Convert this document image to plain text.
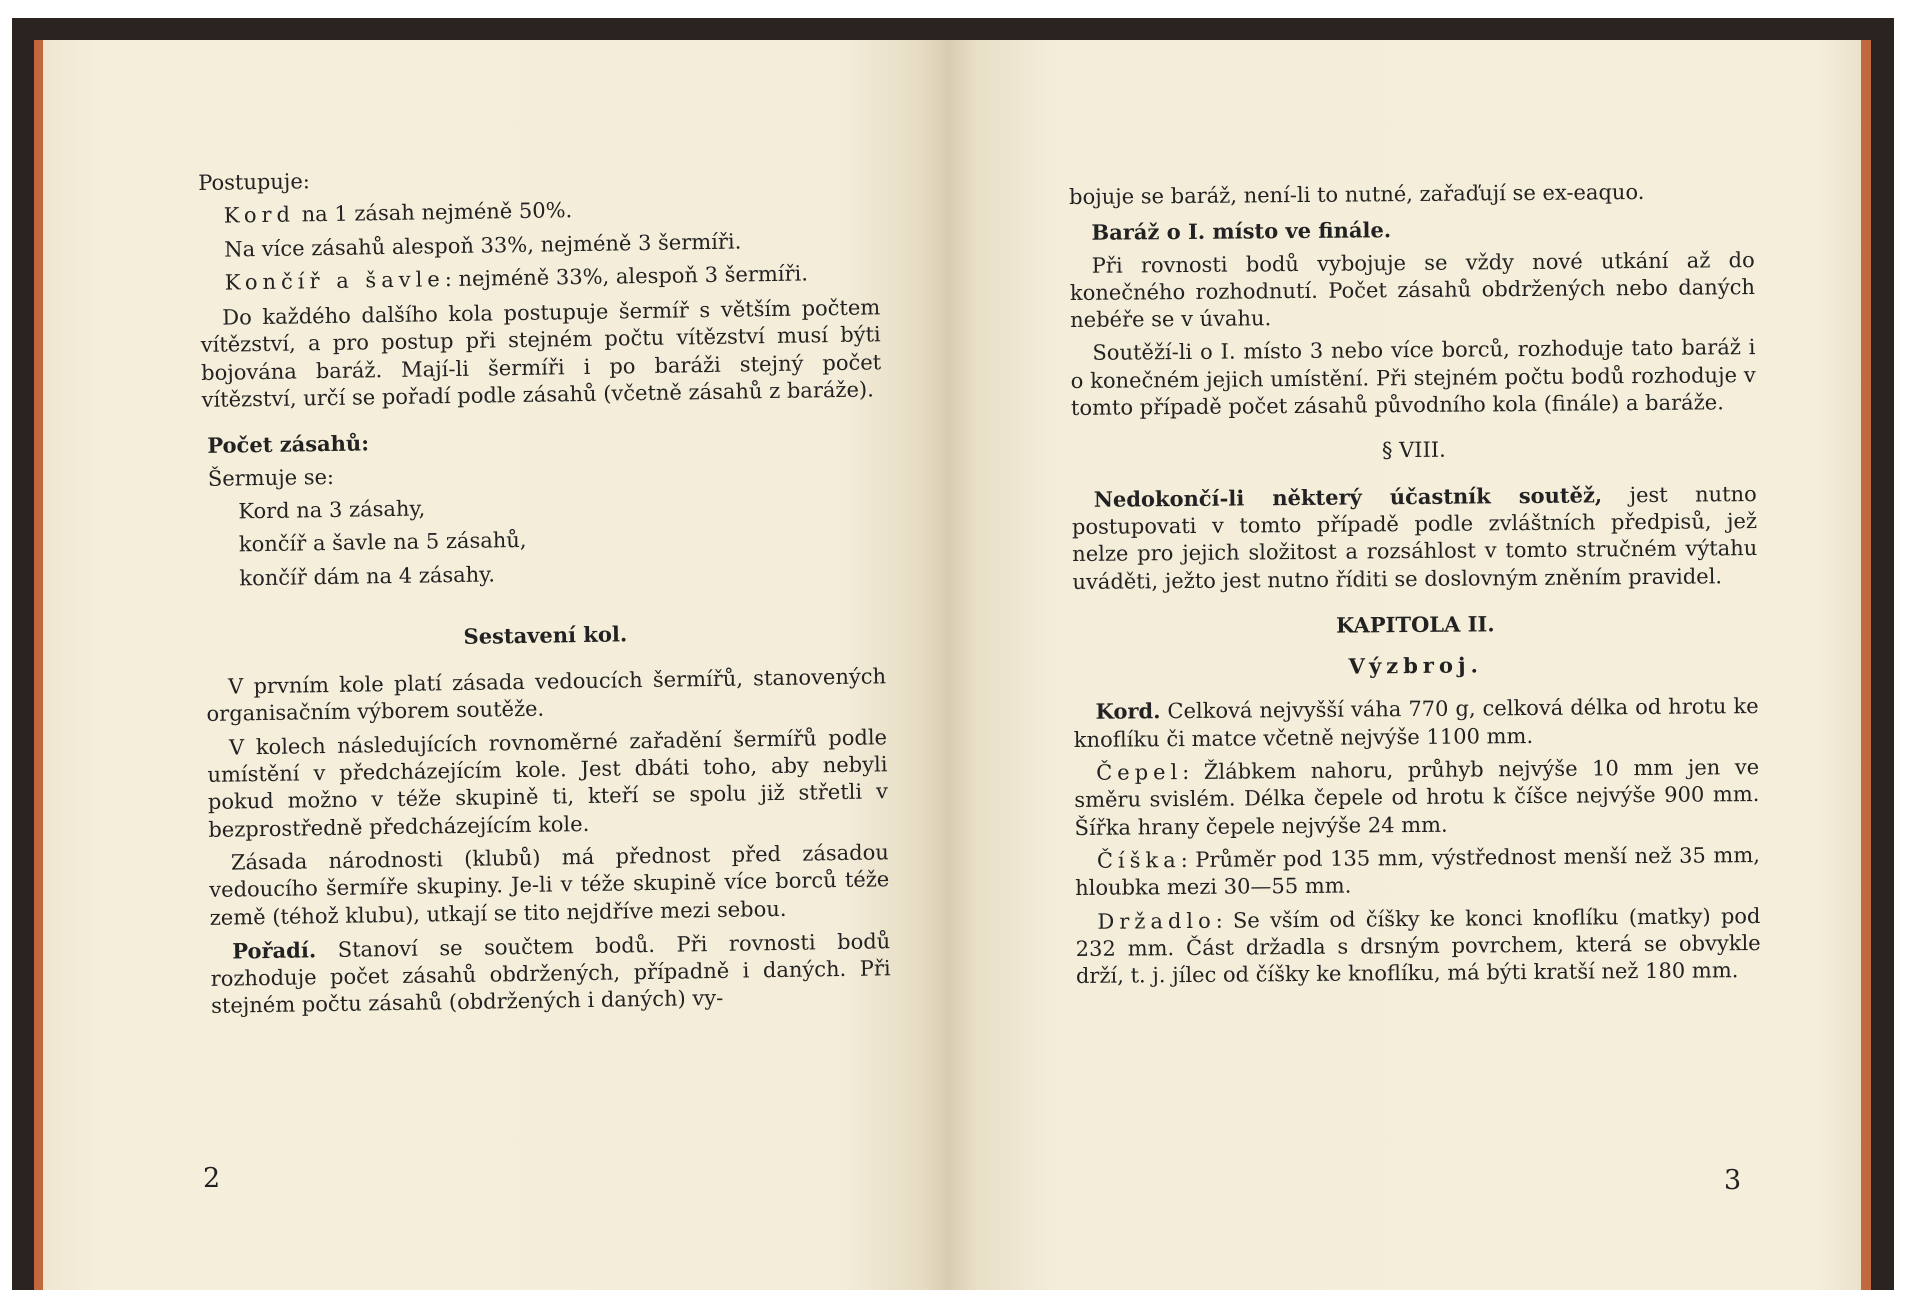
Postupuje:

Kord na 1 zásah nejméně 50%.

Na více zásahů alespoň 33%, nejméně 3 šermíři.

Končíř a šavle: nejméně 33%, alespoň 3 šermíři.

Do každého dalšího kola postupuje šermíř s větším počtem vítězství, a pro postup při stejném počtu vítězství musí býti bojována baráž. Mají-li šermíři i po baráži stejný počet vítězství, určí se pořadí podle zásahů (včetně zásahů z baráže).

Počet zásahů:

Šermuje se:

Kord na 3 zásahy,

končíř a šavle na 5 zásahů,

končíř dám na 4 zásahy.

Sestavení kol.

V prvním kole platí zásada vedoucích šermířů, stanovených organisačním výborem soutěže.

V kolech následujících rovnoměrné zařadění šermířů podle umístění v předcházejícím kole. Jest dbáti toho, aby nebyli pokud možno v téže skupině ti, kteří se spolu již střetli v bezprostředně předcházejícím kole.

Zásada národnosti (klubů) má přednost před zásadou vedoucího šermíře skupiny. Je-li v téže skupině více borců téže země (téhož klubu), utkají se tito nejdříve mezi sebou.

Pořadí. Stanoví se součtem bodů. Při rovnosti bodů rozhoduje počet zásahů obdržených, případně i daných. Při stejném počtu zásahů (obdržených i daných) vy-

2

bojuje se baráž, není-li to nutné, zařaďují se ex-eaquo.

Baráž o I. místo ve finále.

Při rovnosti bodů vybojuje se vždy nové utkání až do konečného rozhodnutí. Počet zásahů obdržených nebo daných nebéře se v úvahu.

Soutěží-li o I. místo 3 nebo více borců, rozhoduje tato baráž i o konečném jejich umístění. Při stejném počtu bodů rozhoduje v tomto případě počet zásahů původního kola (finále) a baráže.

§ VIII.

Nedokončí-li některý účastník soutěž, jest nutno postupovati v tomto případě podle zvláštních předpisů, jež nelze pro jejich složitost a rozsáhlost v tomto stručném výtahu uváděti, ježto jest nutno říditi se doslovným zněním pravidel.

KAPITOLA II.

Výzbroj.

Kord. Celková nejvyšší váha 770 g, celková délka od hrotu ke knoflíku či matce včetně nejvýše 1100 mm.

Čepel: Žlábkem nahoru, průhyb nejvýše 10 mm jen ve směru svislém. Délka čepele od hrotu k číšce nejvýše 900 mm. Šířka hrany čepele nejvýše 24 mm.

Číška: Průměr pod 135 mm, výstřednost menší než 35 mm, hloubka mezi 30—55 mm.

Držadlo: Se vším od číšky ke konci knoflíku (matky) pod 232 mm. Část držadla s drsným povrchem, která se obvykle drží, t. j. jílec od číšky ke knoflíku, má býti kratší než 180 mm.

3
